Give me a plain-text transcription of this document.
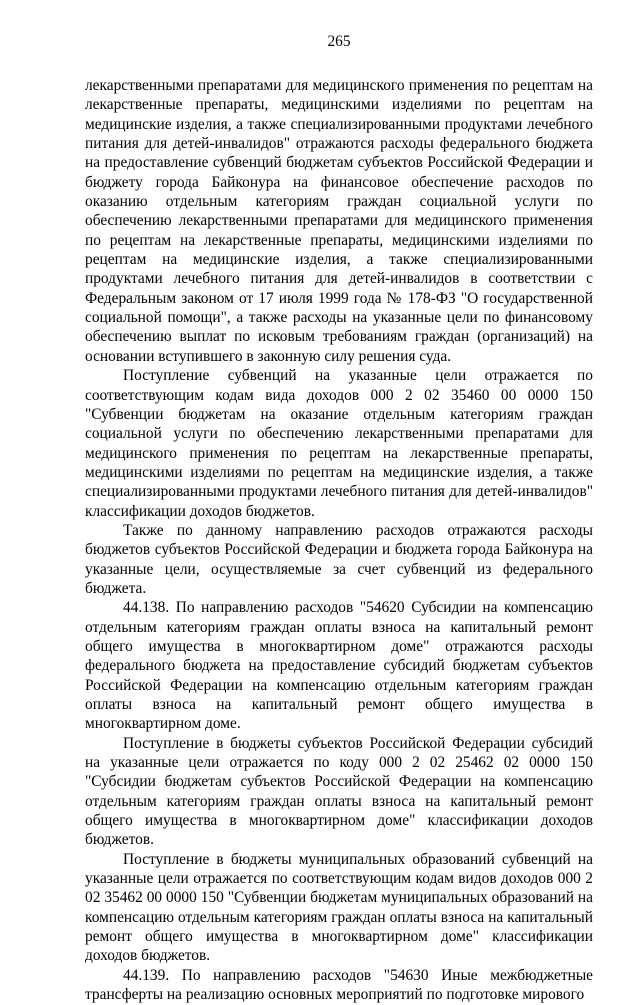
265

лекарственными препаратами для медицинского применения по рецептам на лекарственные препараты, медицинскими изделиями по рецептам на медицинские изделия, а также специализированными продуктами лечебного питания для детей-инвалидов" отражаются расходы федерального бюджета на предоставление субвенций бюджетам субъектов Российской Федерации и бюджету города Байконура на финансовое обеспечение расходов по оказанию отдельным категориям граждан социальной услуги по обеспечению лекарственными препаратами для медицинского применения по рецептам на лекарственные препараты, медицинскими изделиями по рецептам на медицинские изделия, а также специализированными продуктами лечебного питания для детей-инвалидов в соответствии с Федеральным законом от 17 июля 1999 года № 178-ФЗ "О государственной социальной помощи", а также расходы на указанные цели по финансовому обеспечению выплат по исковым требованиям граждан (организаций) на основании вступившего в законную силу решения суда.

Поступление субвенций на указанные цели отражается по соответствующим кодам вида доходов 000 2 02 35460 00 0000 150 "Субвенции бюджетам на оказание отдельным категориям граждан социальной услуги по обеспечению лекарственными препаратами для медицинского применения по рецептам на лекарственные препараты, медицинскими изделиями по рецептам на медицинские изделия, а также специализированными продуктами лечебного питания для детей-инвалидов" классификации доходов бюджетов.

Также по данному направлению расходов отражаются расходы бюджетов субъектов Российской Федерации и бюджета города Байконура на указанные цели, осуществляемые за счет субвенций из федерального бюджета.

44.138. По направлению расходов "54620 Субсидии на компенсацию отдельным категориям граждан оплаты взноса на капитальный ремонт общего имущества в многоквартирном доме" отражаются расходы федерального бюджета на предоставление субсидий бюджетам субъектов Российской Федерации на компенсацию отдельным категориям граждан оплаты взноса на капитальный ремонт общего имущества в многоквартирном доме.

Поступление в бюджеты субъектов Российской Федерации субсидий на указанные цели отражается по коду 000 2 02 25462 02 0000 150 "Субсидии бюджетам субъектов Российской Федерации на компенсацию отдельным категориям граждан оплаты взноса на капитальный ремонт общего имущества в многоквартирном доме" классификации доходов бюджетов.

Поступление в бюджеты муниципальных образований субвенций на указанные цели отражается по соответствующим кодам видов доходов 000 2 02 35462 00 0000 150 "Субвенции бюджетам муниципальных образований на компенсацию отдельным категориям граждан оплаты взноса на капитальный ремонт общего имущества в многоквартирном доме" классификации доходов бюджетов.

44.139. По направлению расходов "54630 Иные межбюджетные трансферты на реализацию основных мероприятий по подготовке мирового
